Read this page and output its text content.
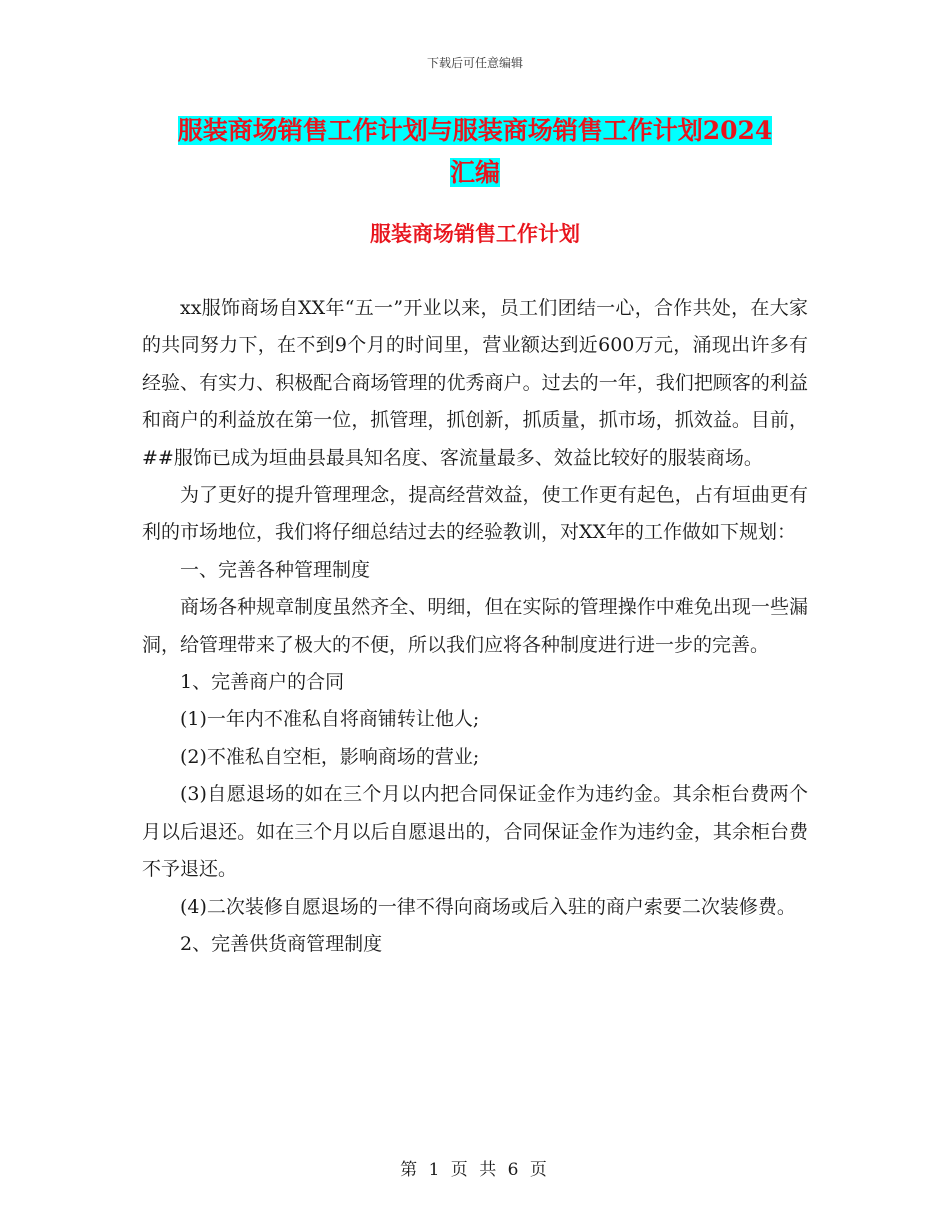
下载后可任意编辑
服装商场销售工作计划与服装商场销售工作计划2024
汇编
服装商场销售工作计划

xx服饰商场自XX年“五一”开业以来，员工们团结一心，合作共处，在大家的共同努力下，在不到9个月的时间里，营业额达到近600万元，涌现出许多有经验、有实力、积极配合商场管理的优秀商户。过去的一年，我们把顾客的利益和商户的利益放在第一位，抓管理，抓创新，抓质量，抓市场，抓效益。目前，##服饰已成为垣曲县最具知名度、客流量最多、效益比较好的服装商场。

为了更好的提升管理理念，提高经营效益，使工作更有起色，占有垣曲更有利的市场地位，我们将仔细总结过去的经验教训，对XX年的工作做如下规划：

一、完善各种管理制度

商场各种规章制度虽然齐全、明细，但在实际的管理操作中难免出现一些漏洞，给管理带来了极大的不便，所以我们应将各种制度进行进一步的完善。

1、完善商户的合同

(1)一年内不准私自将商铺转让他人;

(2)不准私自空柜，影响商场的营业;

(3)自愿退场的如在三个月以内把合同保证金作为违约金。其余柜台费两个月以后退还。如在三个月以后自愿退出的，合同保证金作为违约金，其余柜台费不予退还。

(4)二次装修自愿退场的一律不得向商场或后入驻的商户索要二次装修费。

2、完善供货商管理制度

第 1 页 共 6 页
